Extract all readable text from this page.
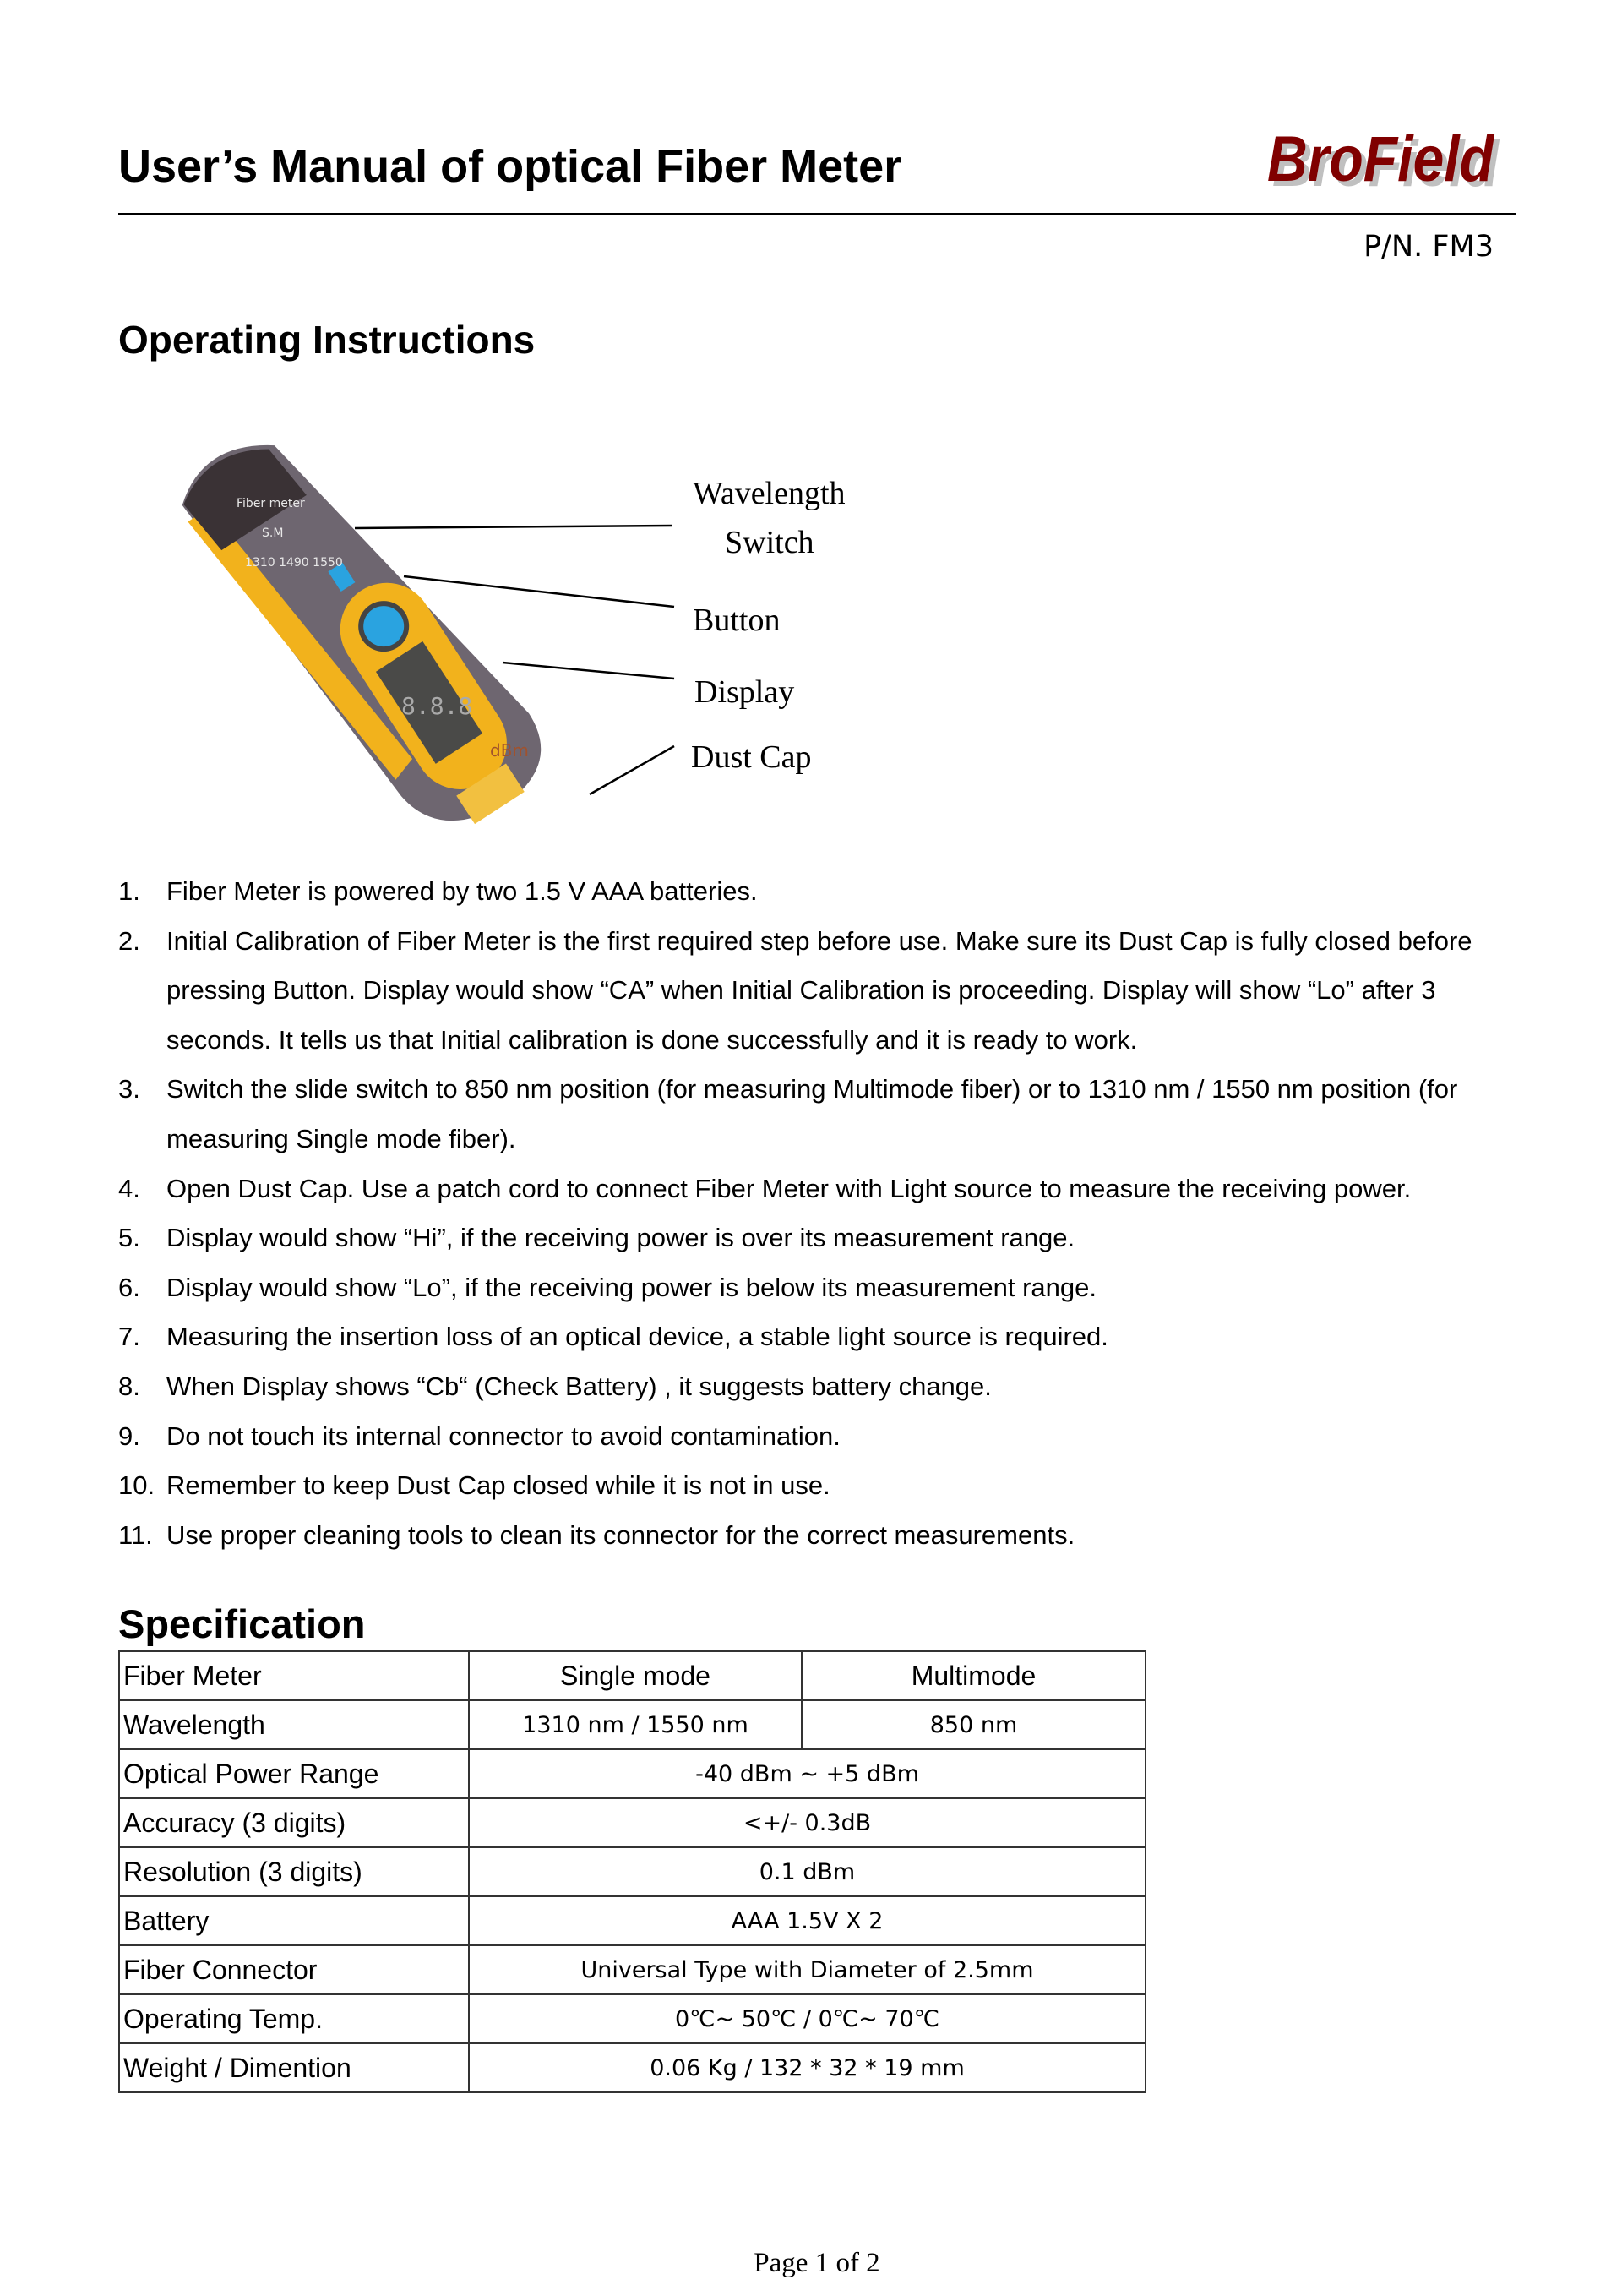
User’s Manual of optical Fiber Meter	BroField
P/N. FM3
Operating Instructions
Fiber meter
S.M
1310 1490 1550
8.8.8
dBm
Wavelength
Switch
Button
Display
Dust Cap
1. Fiber Meter is powered by two 1.5 V AAA batteries.
2. Initial Calibration of Fiber Meter is the first required step before use. Make sure its Dust Cap is fully closed before pressing Button. Display would show “CA” when Initial Calibration is proceeding. Display will show “Lo” after 3 seconds. It tells us that Initial calibration is done successfully and it is ready to work.
3. Switch the slide switch to 850 nm position (for measuring Multimode fiber) or to 1310 nm / 1550 nm position (for measuring Single mode fiber).
4. Open Dust Cap. Use a patch cord to connect Fiber Meter with Light source to measure the receiving power.
5. Display would show “Hi”, if the receiving power is over its measurement range.
6. Display would show “Lo”, if the receiving power is below its measurement range.
7. Measuring the insertion loss of an optical device, a stable light source is required.
8. When Display shows “Cb“ (Check Battery) , it suggests battery change.
9. Do not touch its internal connector to avoid contamination.
10. Remember to keep Dust Cap closed while it is not in use.
11. Use proper cleaning tools to clean its connector for the correct measurements.
Specification
Fiber Meter	Single mode	Multimode
Wavelength	1310 nm / 1550 nm	850 nm
Optical Power Range	-40 dBm ~ +5 dBm	
Accuracy (3 digits)	<+/- 0.3dB	
Resolution (3 digits)	0.1 dBm	
Battery	AAA 1.5V X 2	
Fiber Connector	Universal Type with Diameter of 2.5mm	
Operating Temp.	0℃~ 50℃ / 0℃~ 70℃	
Weight / Dimention	0.06 Kg / 132 * 32 * 19 mm	
Page 1 of 2
